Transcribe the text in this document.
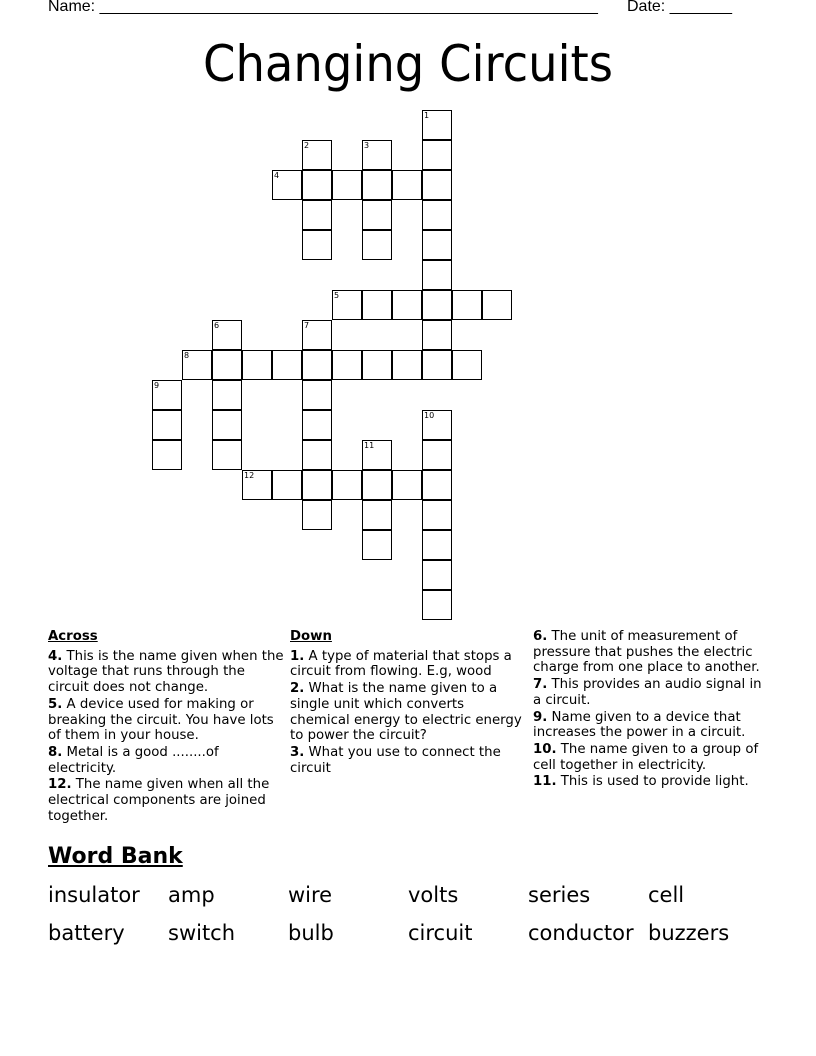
Name: ________________________________________________________ Date: _______
Changing Circuits
1
2	3
4
5
6	7
8
9
10
11
12
Across
4. This is the name given when the voltage that runs through the circuit does not change.
5. A device used for making or breaking the circuit. You have lots of them in your house.
8. Metal is a good ........of electricity.
12. The name given when all the electrical components are joined together.
Down
1. A type of material that stops a circuit from flowing. E.g, wood
2. What is the name given to a single unit which converts chemical energy to electric energy to power the circuit?
3. What you use to connect the circuit
6. The unit of measurement of pressure that pushes the electric charge from one place to another.
7. This provides an audio signal in a circuit.
9. Name given to a device that increases the power in a circuit.
10. The name given to a group of cell together in electricity.
11. This is used to provide light.
Word Bank
insulator amp	wire	volts	series	cell
battery switch	bulb	circuit	conductor buzzers
